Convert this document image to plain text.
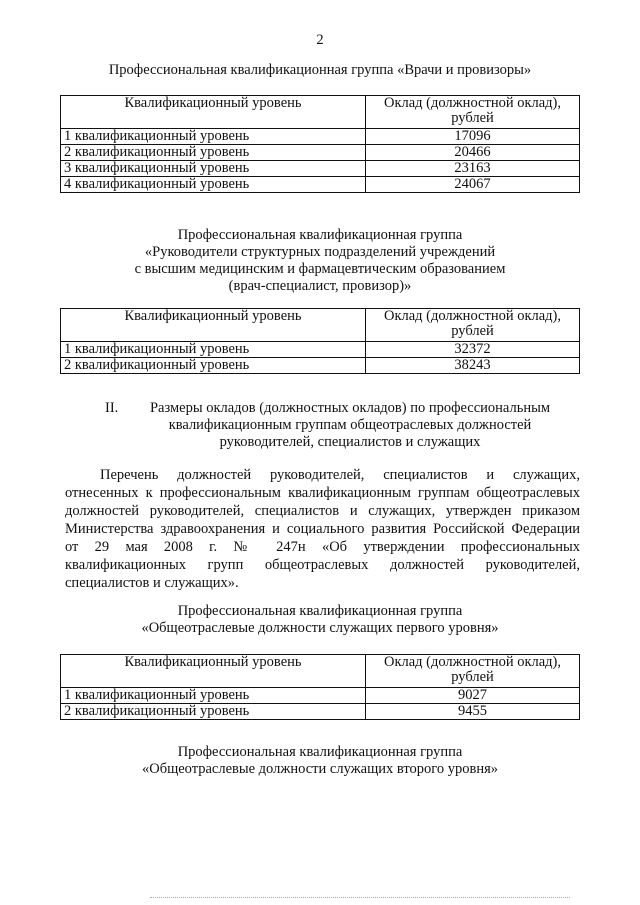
2
Профессиональная квалификационная группа «Врачи и провизоры»
Квалификационный уровень	Оклад (должностной оклад),
рублей

1 квалификационный уровень	17096
2 квалификационный уровень	20466
3 квалификационный уровень	23163
4 квалификационный уровень	24067
Профессиональная квалификационная группа
«Руководители структурных подразделений учреждений
с высшим медицинским и фармацевтическим образованием
(врач-специалист, провизор)»
Квалификационный уровень	Оклад (должностной оклад),
рублей

1 квалификационный уровень	32372
2 квалификационный уровень	38243
II.	Размеры окладов (должностных окладов) по профессиональным
квалификационным группам общеотраслевых должностей
руководителей, специалистов и служащих
Перечень должностей руководителей, специалистов и служащих,
отнесенных к профессиональным квалификационным группам общеотраслевых
должностей руководителей, специалистов и служащих, утвержден приказом
Министерства здравоохранения и социального развития Российской Федерации
от 29 мая 2008 г. № 247н «Об утверждении профессиональных
квалификационных групп общеотраслевых должностей руководителей,
специалистов и служащих».
Профессиональная квалификационная группа
«Общеотраслевые должности служащих первого уровня»
Квалификационный уровень	Оклад (должностной оклад),
рублей

1 квалификационный уровень	9027
2 квалификационный уровень	9455
Профессиональная квалификационная группа
«Общеотраслевые должности служащих второго уровня»
